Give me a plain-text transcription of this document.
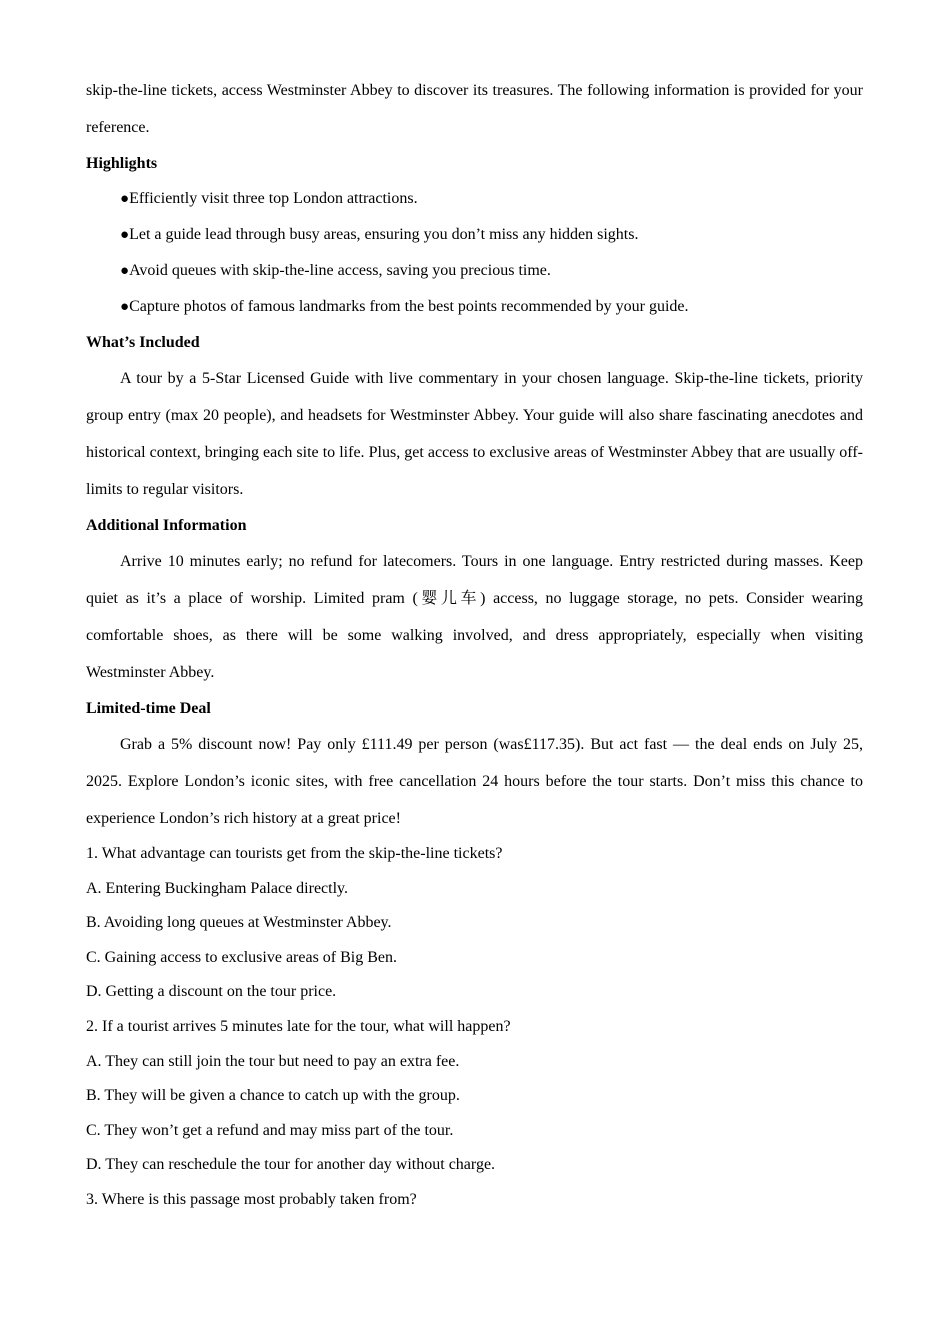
skip-the-line tickets, access Westminster Abbey to discover its treasures. The following information is provided for your reference.

Highlights

●Efficiently visit three top London attractions.

●Let a guide lead through busy areas, ensuring you don’t miss any hidden sights.

●Avoid queues with skip-the-line access, saving you precious time.

●Capture photos of famous landmarks from the best points recommended by your guide.

What’s Included

A tour by a 5-Star Licensed Guide with live commentary in your chosen language. Skip-the-line tickets, priority group entry (max 20 people), and headsets for Westminster Abbey. Your guide will also share fascinating anecdotes and historical context, bringing each site to life. Plus, get access to exclusive areas of Westminster Abbey that are usually off-limits to regular visitors.

Additional Information

Arrive 10 minutes early; no refund for latecomers. Tours in one language. Entry restricted during masses. Keep quiet as it’s a place of worship. Limited pram (婴儿车) access, no luggage storage, no pets. Consider wearing comfortable shoes, as there will be some walking involved, and dress appropriately, especially when visiting Westminster Abbey.

Limited-time Deal

Grab a 5% discount now! Pay only £111.49 per person (was£117.35). But act fast — the deal ends on July 25, 2025. Explore London’s iconic sites, with free cancellation 24 hours before the tour starts. Don’t miss this chance to experience London’s rich history at a great price!

1. What advantage can tourists get from the skip-the-line tickets?

A. Entering Buckingham Palace directly.

B. Avoiding long queues at Westminster Abbey.

C. Gaining access to exclusive areas of Big Ben.

D. Getting a discount on the tour price.

2. If a tourist arrives 5 minutes late for the tour, what will happen?

A. They can still join the tour but need to pay an extra fee.

B. They will be given a chance to catch up with the group.

C. They won’t get a refund and may miss part of the tour.

D. They can reschedule the tour for another day without charge.

3. Where is this passage most probably taken from?
